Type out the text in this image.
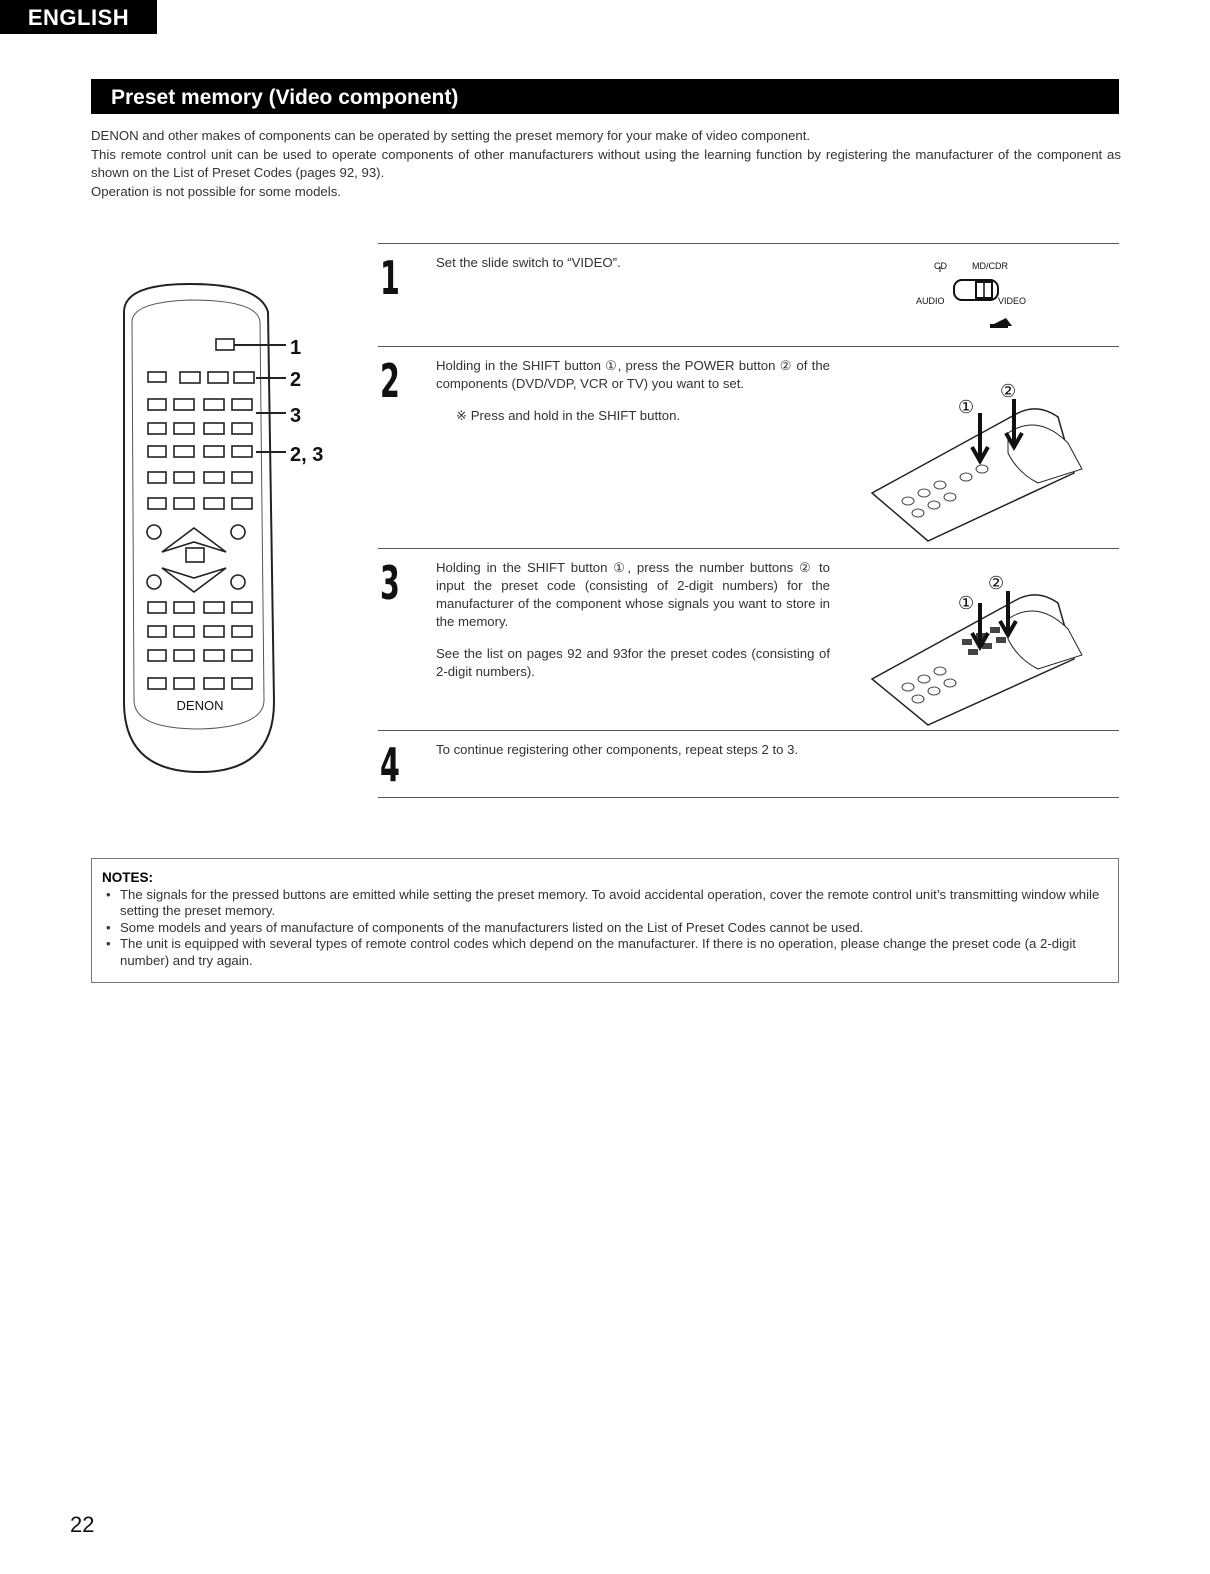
ENGLISH
Preset memory (Video component)

DENON and other makes of components can be operated by setting the preset memory for your make of video component.

This remote control unit can be used to operate components of other manufacturers without using the learning function by registering the manufacturer of the component as shown on the List of Preset Codes (pages 92, 93).

Operation is not possible for some models.

1
2
3
2, 3
DENON
1	Set the slide switch to “VIDEO”.	CD	MD/CDR
AUDIO	VIDEO
2	Holding in the SHIFT button ①, press the POWER button ② of the components (DVD/VDP, VCR or TV) you want to set.

※ Press and hold in the SHIFT button.	①
②
3	Holding in the SHIFT button ①, press the number buttons ② to input the preset code (consisting of 2-digit numbers) for the manufacturer of the component whose signals you want to store in the memory.

See the list on pages 92 and 93for the preset codes (consisting of 2-digit numbers).

①
②
4	To continue registering other components, repeat steps 2 to 3.

NOTES:
• The signals for the pressed buttons are emitted while setting the preset memory. To avoid accidental operation, cover the remote control unit’s transmitting window while setting the preset memory.
• Some models and years of manufacture of components of the manufacturers listed on the List of Preset Codes cannot be used.
• The unit is equipped with several types of remote control codes which depend on the manufacturer. If there is no operation, please change the preset code (a 2-digit number) and try again.
22
